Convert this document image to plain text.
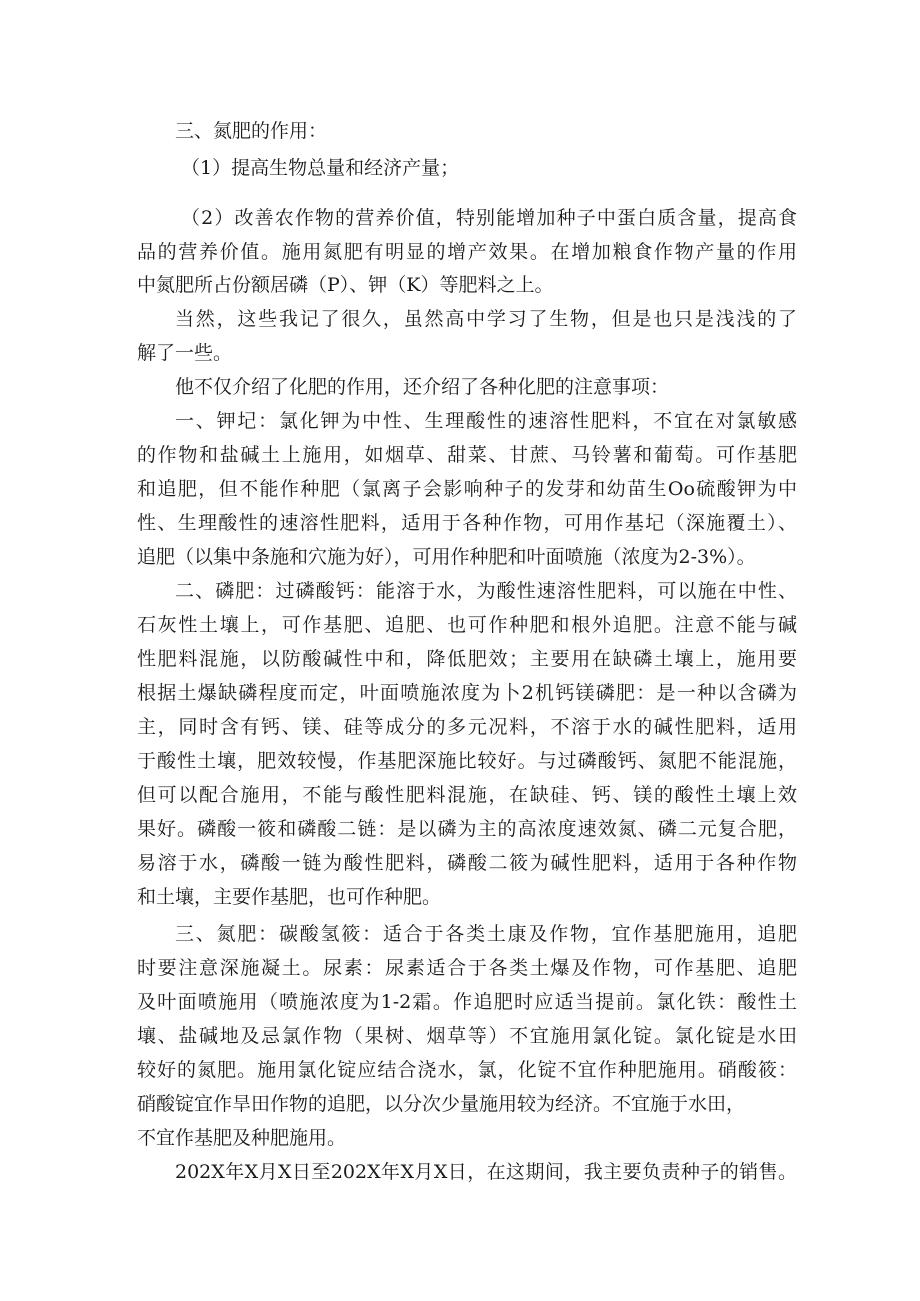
三、氮肥的作用：

（1）提高生物总量和经济产量；

（2）改善农作物的营养价值，特别能增加种子中蛋白质含量，提高食

品的营养价值。施用氮肥有明显的增产效果。在增加粮食作物产量的作用

中氮肥所占份额居磷（P）、钾（K）等肥料之上。

当然，这些我记了很久，虽然高中学习了生物，但是也只是浅浅的了

解了一些。

他不仅介绍了化肥的作用，还介绍了各种化肥的注意事项：

一、钾圮：氯化钾为中性、生理酸性的速溶性肥料，不宜在对氯敏感

的作物和盐碱土上施用，如烟草、甜菜、甘蔗、马铃薯和葡萄。可作基肥

和追肥，但不能作种肥（氯离子会影响种子的发芽和幼苗生Oo硫酸钾为中

性、生理酸性的速溶性肥料，适用于各种作物，可用作基圮（深施覆土）、

追肥（以集中条施和穴施为好），可用作种肥和叶面喷施（浓度为2-3%）。

二、磷肥：过磷酸钙：能溶于水，为酸性速溶性肥料，可以施在中性、

石灰性土壤上，可作基肥、追肥、也可作种肥和根外追肥。注意不能与碱

性肥料混施，以防酸碱性中和，降低肥效；主要用在缺磷土壤上，施用要

根据土爆缺磷程度而定，叶面喷施浓度为卜2机钙镁磷肥：是一种以含磷为

主，同时含有钙、镁、硅等成分的多元况料，不溶于水的碱性肥料，适用

于酸性土壤，肥效较慢，作基肥深施比较好。与过磷酸钙、氮肥不能混施，

但可以配合施用，不能与酸性肥料混施，在缺硅、钙、镁的酸性土壤上效

果好。磷酸一筱和磷酸二链：是以磷为主的高浓度速效氮、磷二元复合肥，

易溶于水，磷酸一链为酸性肥料，磷酸二筱为碱性肥料，适用于各种作物

和土壤，主要作基肥，也可作种肥。

三、氮肥：碳酸氢筱：适合于各类土康及作物，宜作基肥施用，追肥

时要注意深施凝土。尿素：尿素适合于各类土爆及作物，可作基肥、追肥

及叶面喷施用（喷施浓度为1-2霜。作追肥时应适当提前。氯化铁：酸性土

壤、盐碱地及忌氯作物（果树、烟草等）不宜施用氯化锭。氯化锭是水田

较好的氮肥。施用氯化锭应结合浇水，氯，化锭不宜作种肥施用。硝酸筱：

硝酸锭宜作旱田作物的追肥，以分次少量施用较为经济。不宜施于水田，

不宜作基肥及种肥施用。

202X年X月X日至202X年X月X日，在这期间，我主要负责种子的销售。
